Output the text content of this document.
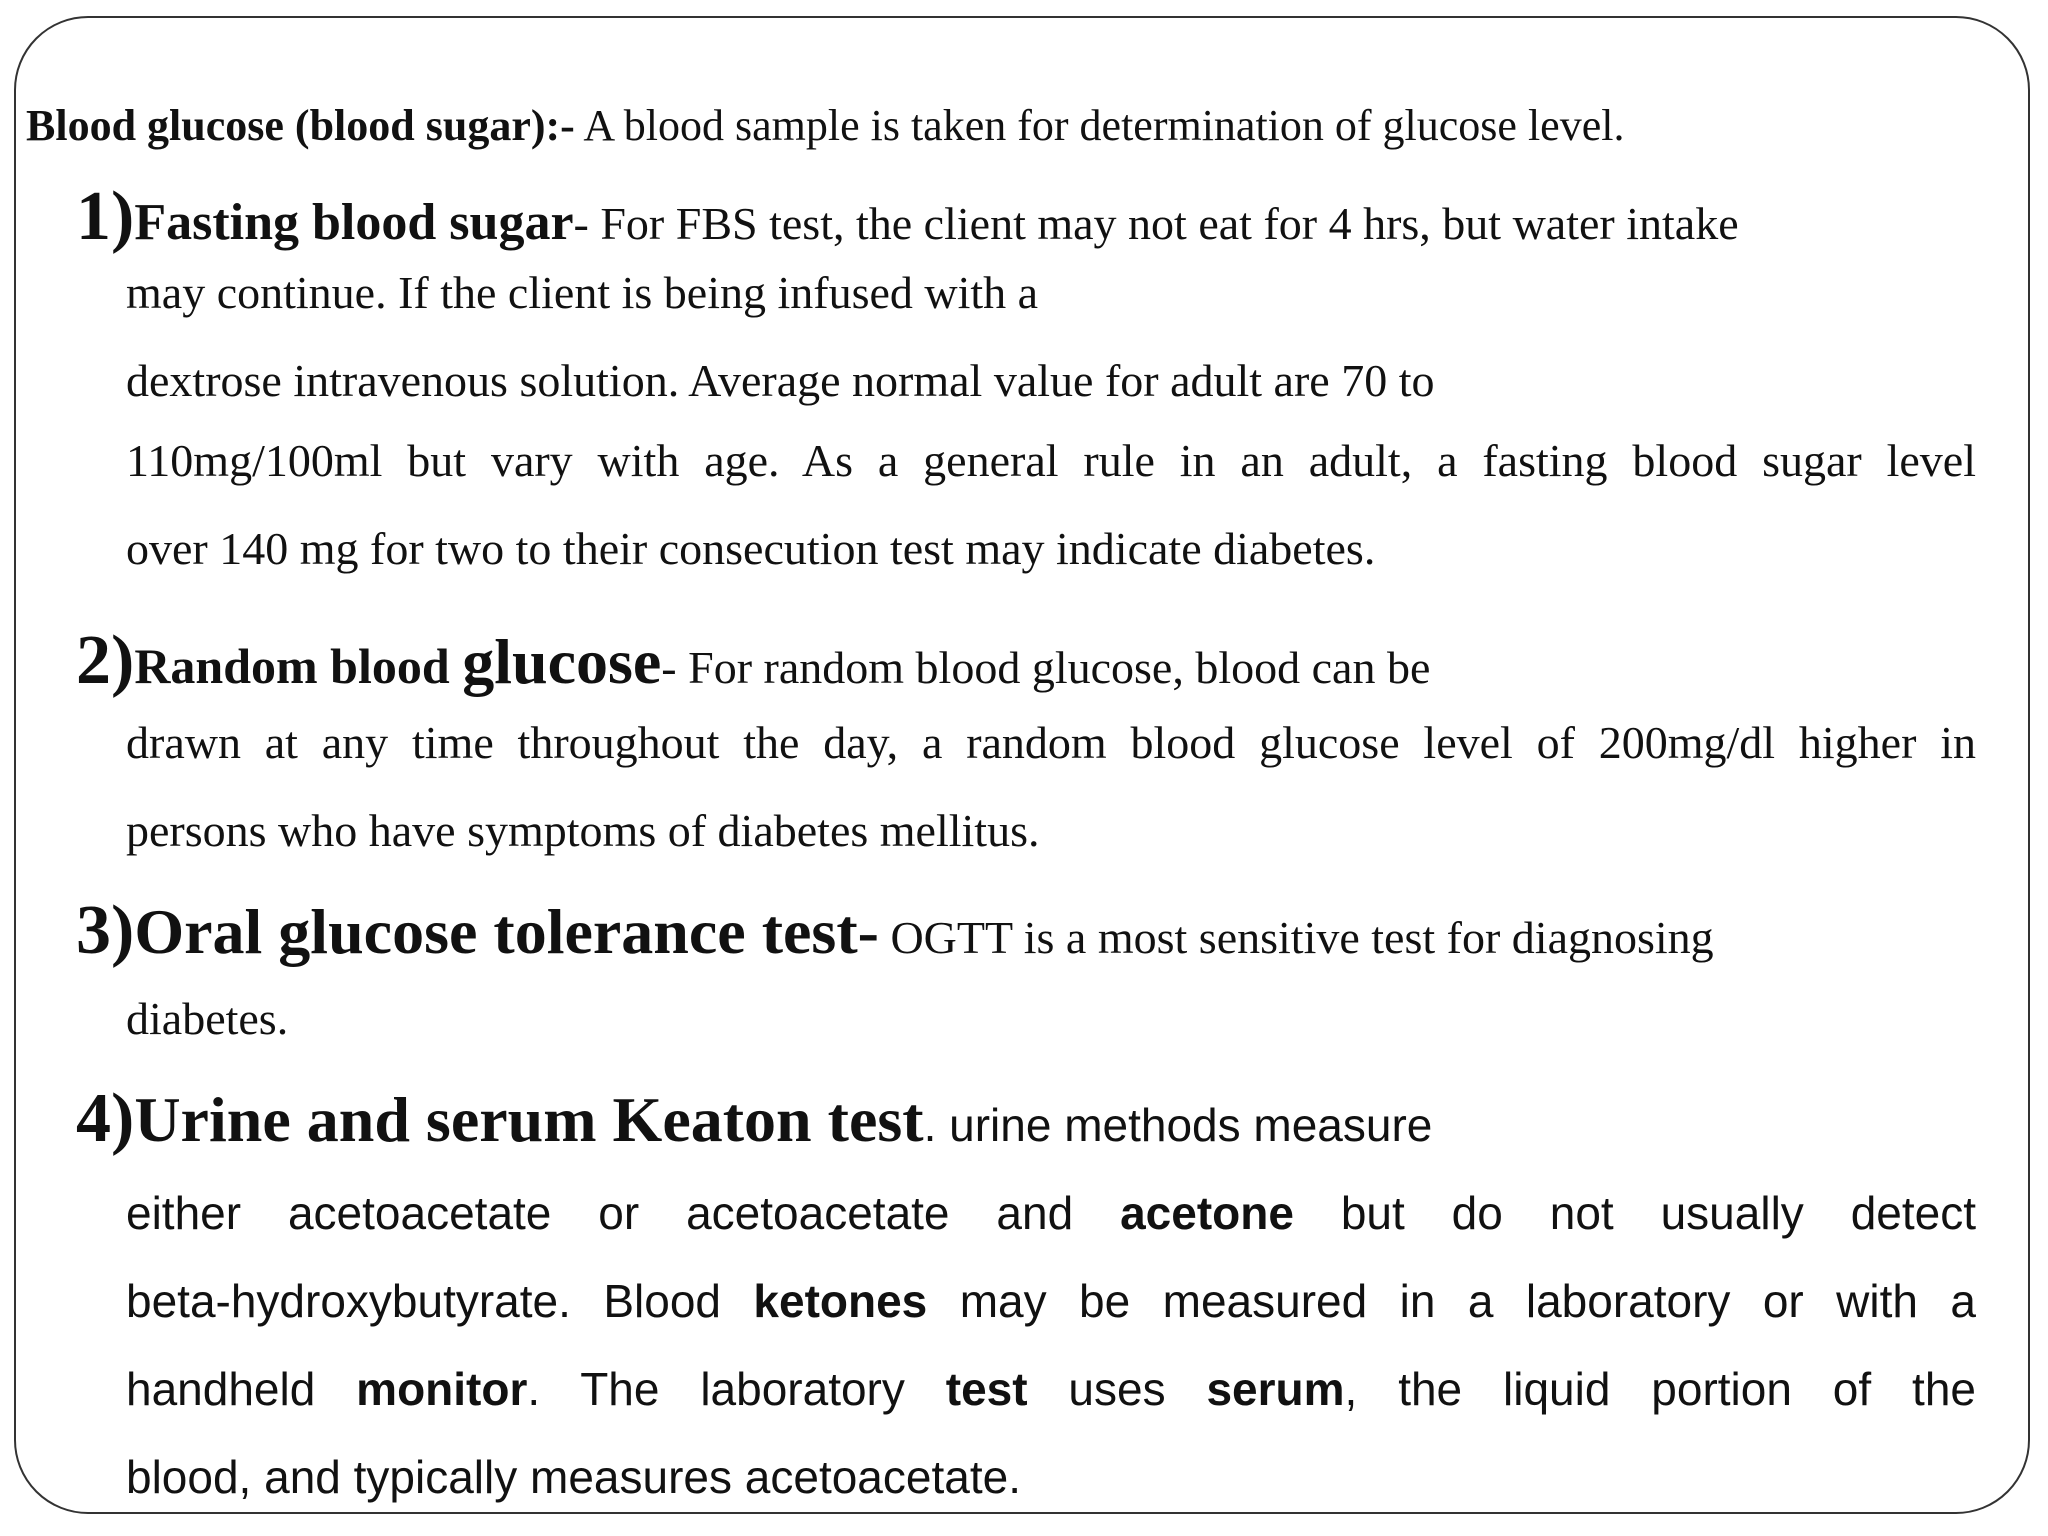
Blood glucose (blood sugar):- A blood sample is taken for determination of glucose level.
1)Fasting blood sugar- For FBS test, the client may not eat for 4 hrs, but water intake
may continue. If the client is being infused with a
dextrose intravenous solution. Average normal value for adult are 70 to
110mg/100ml but vary with age. As a general rule in an adult, a fasting blood sugar level
over 140 mg for two to their consecution test may indicate diabetes.
2)Random blood glucose- For random blood glucose, blood can be
drawn at any time throughout the day, a random blood glucose level of 200mg/dl higher in
persons who have symptoms of diabetes mellitus.
3)Oral glucose tolerance test- OGTT is a most sensitive test for diagnosing
diabetes.
4)Urine and serum Keaton test. urine methods measure
either acetoacetate or acetoacetate and acetone but do not usually detect
beta-hydroxybutyrate. Blood ketones may be measured in a laboratory or with a
handheld monitor. The laboratory test uses serum, the liquid portion of the
blood, and typically measures acetoacetate.
